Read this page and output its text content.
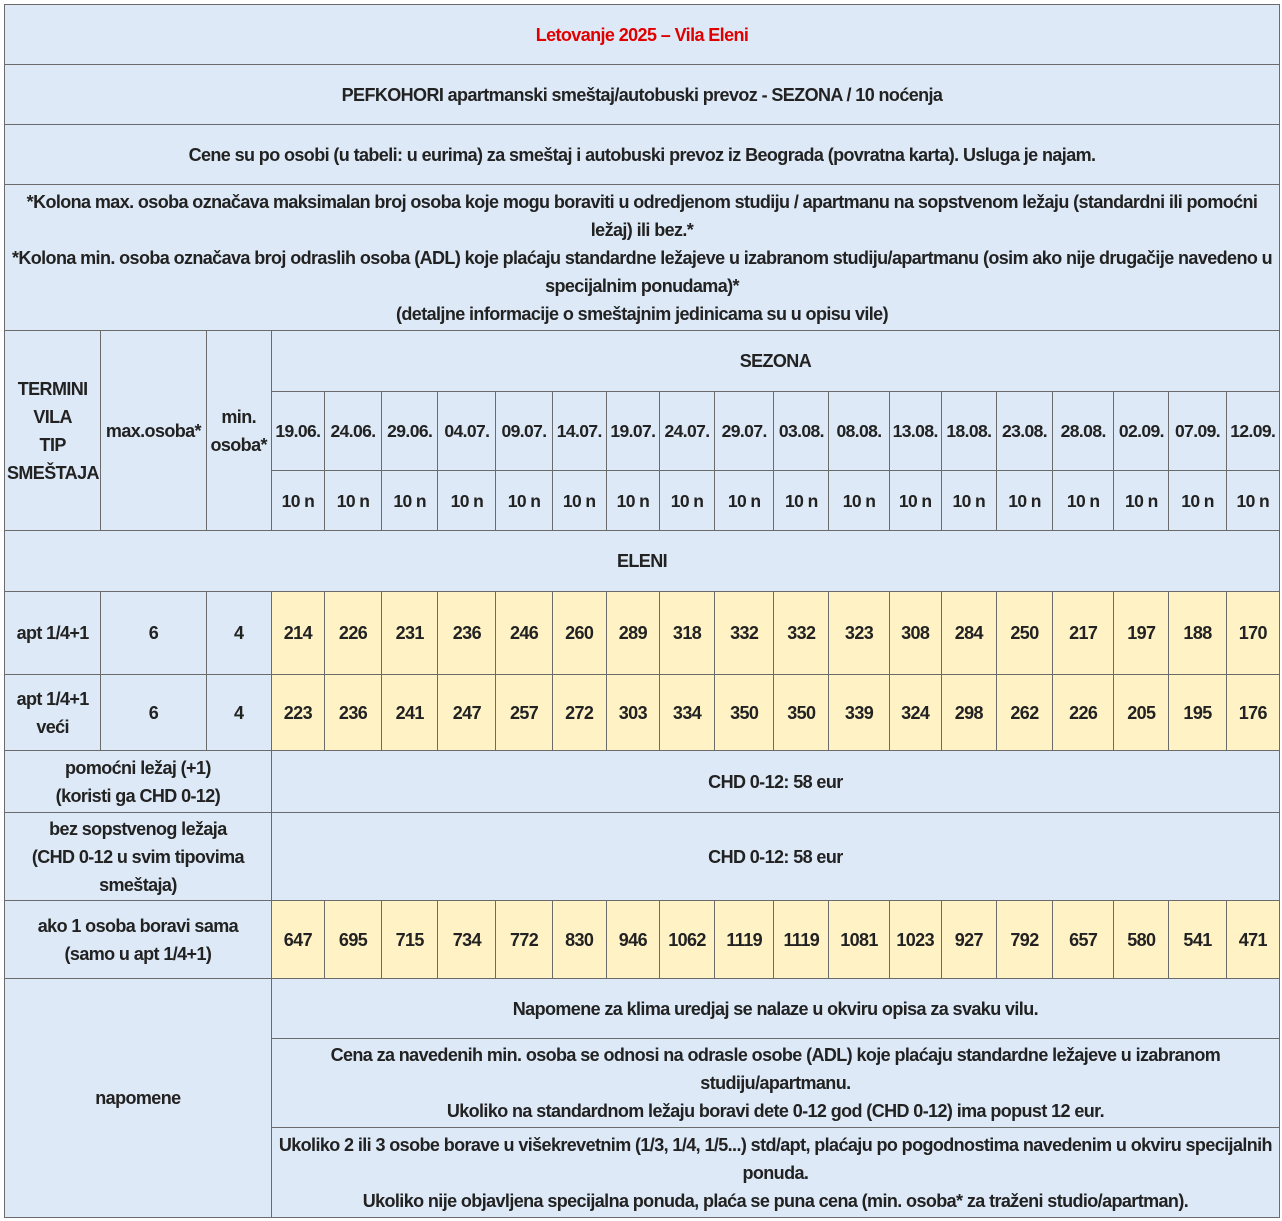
Letovanje 2025 – Vila Eleni																				
PEFKOHORI apartmanski smeštaj/autobuski prevoz - SEZONA / 10 noćenja																				
Cene su po osobi (u tabeli: u eurima) za smeštaj i autobuski prevoz iz Beograda (povratna karta). Usluga je najam.																				

*Kolona max. osoba označava maksimalan broj osoba koje mogu boraviti u odredjenom studiju / apartmanu na sopstvenom ležaju (standardni ili pomoćni ležaj) ili bez.*
*Kolona min. osoba označava broj odraslih osoba (ADL) koje plaćaju standardne ležajeve u izabranom studiju/apartmanu (osim ako nije drugačije navedeno u specijalnim ponudama)*
(detaljne informacije o smeštajnim jedinicama su u opisu vile)																				

TERMINI
VILA
TIP
SMEŠTAJA	max.osoba*	min.
osoba*	SEZONA																	
			19.06.	24.06.	29.06.	04.07.	09.07.	14.07.	19.07.	24.07.	29.07.	03.08.	08.08.	13.08.	18.08.	23.08.	28.08.	02.09.	07.09.	12.09.
			10 n	10 n	10 n	10 n	10 n	10 n	10 n	10 n	10 n	10 n	10 n	10 n	10 n	10 n	10 n	10 n	10 n	10 n
ELENI																				

apt 1/4+1	6	4	214	226	231	236	246	260	289	318	332	332	323	308	284	250	217	197	188	170

apt 1/4+1
veći	6	4	223	236	241	247	257	272	303	334	350	350	339	324	298	262	226	205	195	176

pomoćni ležaj (+1)
(koristi ga CHD 0-12)			CHD 0-12: 58 eur																	

bez sopstvenog ležaja
(CHD 0-12 u svim tipovima
smeštaja)			CHD 0-12: 58 eur																	

ako 1 osoba boravi sama
(samo u apt 1/4+1)			647	695	715	734	772	830	946	1062	1119	1119	1081	1023	927	792	657	580	541	471
napomene			Napomene za klima uredjaj se nalaze u okviru opisa za svaku vilu.																	

			Cena za navedenih min. osoba se odnosi na odrasle osobe (ADL) koje plaćaju standardne ležajeve u izabranom studiju/apartmanu.
Ukoliko na standardnom ležaju boravi dete 0-12 god (CHD 0-12) ima popust 12 eur.																	

			Ukoliko 2 ili 3 osobe borave u višekrevetnim (1/3, 1/4, 1/5...) std/apt, plaćaju po pogodnostima navedenim u okviru specijalnih ponuda.
Ukoliko nije objavljena specijalna ponuda, plaća se puna cena (min. osoba* za traženi studio/apartman).																	
